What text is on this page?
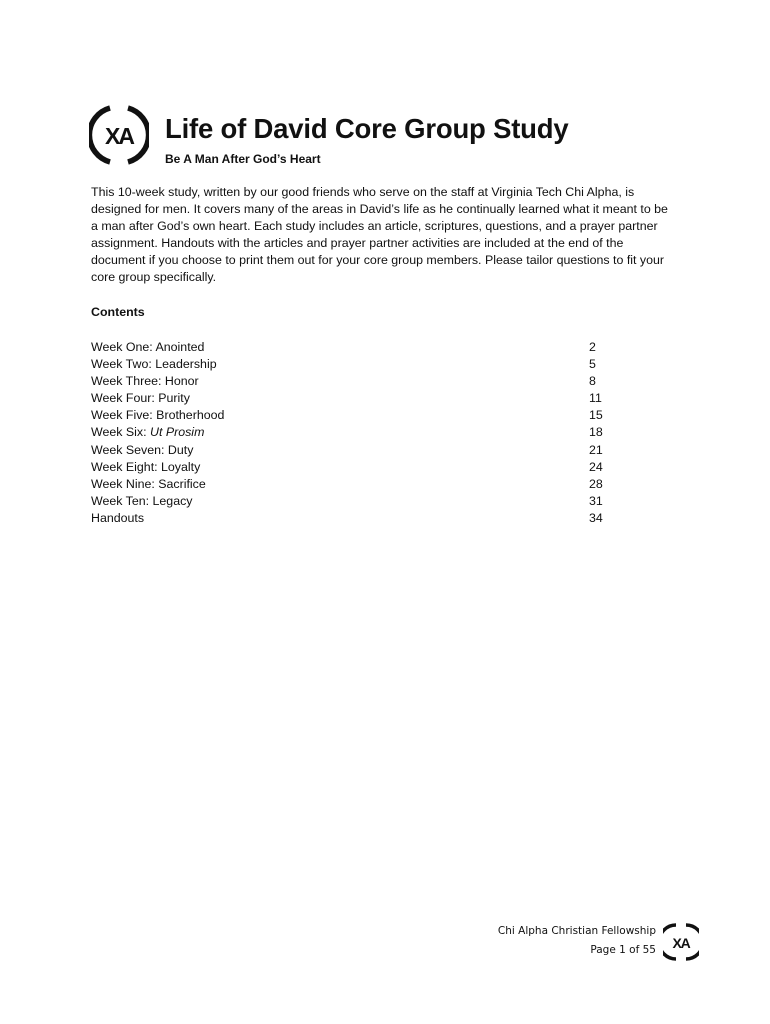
XA Life of David Core Group Study

Be A Man After God’s Heart

This 10-week study, written by our good friends who serve on the staff at Virginia Tech Chi Alpha, is
designed for men. It covers many of the areas in David’s life as he continually learned what it meant to be
a man after God’s own heart. Each study includes an article, scriptures, questions, and a prayer partner
assignment. Handouts with the articles and prayer partner activities are included at the end of the
document if you choose to print them out for your core group members. Please tailor questions to fit your
core group specifically.

Contents

Week One: Anointed	2
Week Two: Leadership	5
Week Three: Honor	8
Week Four: Purity	11
Week Five: Brotherhood	15
Week Six: Ut Prosim	18
Week Seven: Duty	21
Week Eight: Loyalty	24
Week Nine: Sacrifice	28
Week Ten: Legacy	31
Handouts	34
Chi Alpha Christian Fellowship
Page 1 of 55 XA
